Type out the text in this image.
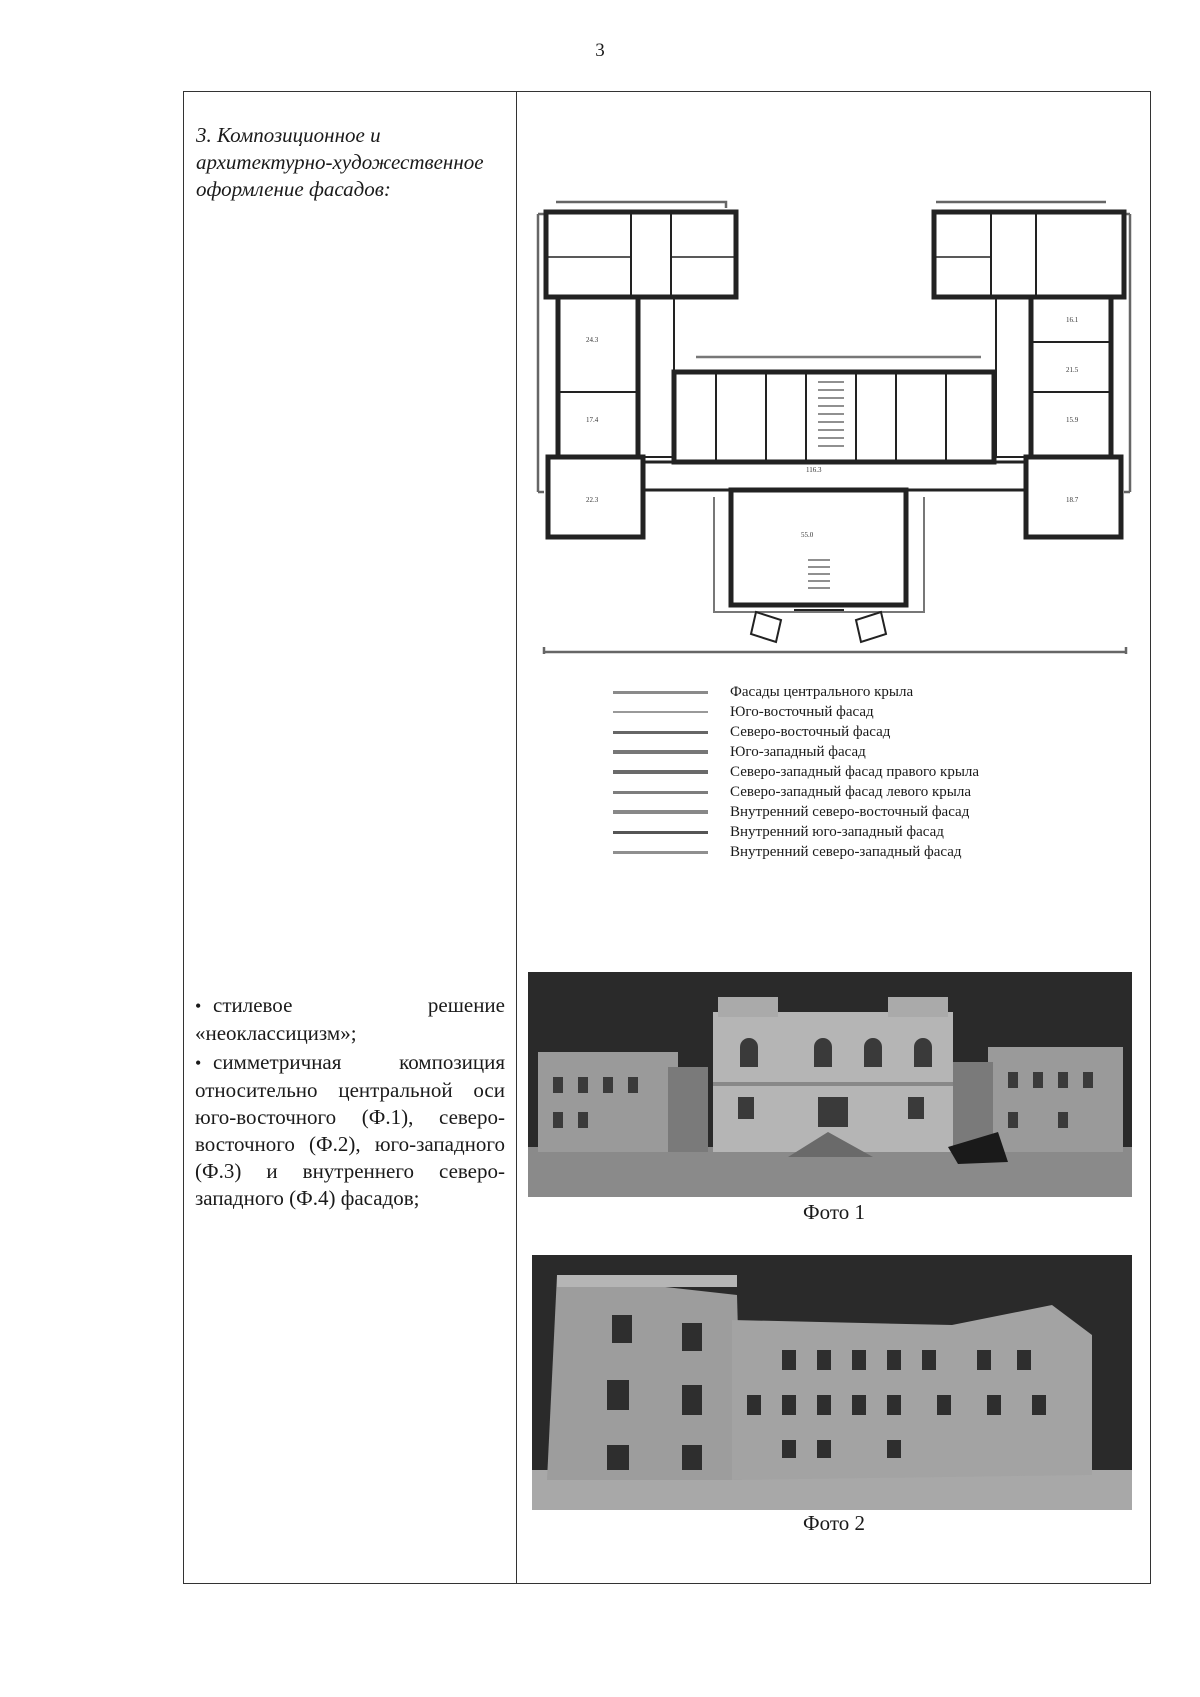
3
3. Композиционное и архитектурно-художественное оформление фасадов:

• стилевое решение «неоклассицизм»;

• симметричная композиция относительно центральной оси юго-восточного (Ф.1), северо-восточного (Ф.2), юго-западного (Ф.3) и внутреннего северо-западного (Ф.4) фасадов;

24.3
17.4
22.3
16.1
21.5
15.9
18.7
116.3
55.0
Фасады центрального крыла
Юго-восточный фасад
Северо-восточный фасад
Юго-западный фасад
Северо-западный фасад правого крыла
Северо-западный фасад левого крыла
Внутренний северо-восточный фасад
Внутренний юго-западный фасад
Внутренний северо-западный фасад
Фото 1
Фото 2
